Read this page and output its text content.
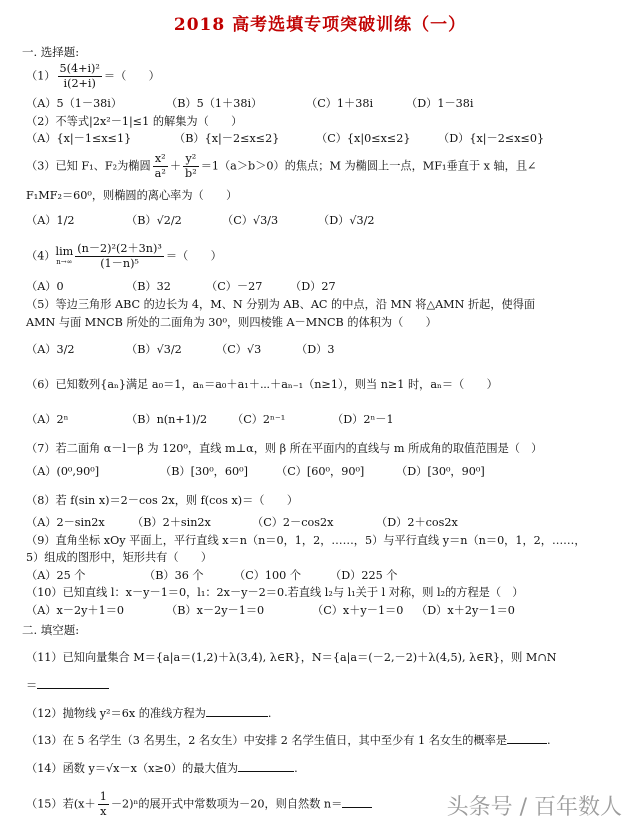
2018 高考选填专项突破训练（一）
一. 选择题:
$(1) \frac{\text{5(4+i)²}}{i(2+i)}$ ＝（　　）
（A）5（1－38i）	（B）5（1＋38i）	（C）1＋38i	（D）1－38i
（2）不等式|2x²－1|≤1 的解集为（　　）
（A）{x|－1≤x≤1}	（B）{x|－2≤x≤2}	（C）{x|0≤x≤2} （D）{x|－2≤x≤0}
（3）已知 F₁、F₂为椭圆 $\frac{\text{x²}}{\text{a²}} + \frac{\text{y²}}{\text{b²}} =1(a>b>0)$的焦点；M 为椭圆上一点，MF₁垂直于 x 轴，且∠
F₁MF₂＝60⁰，则椭圆的离心率为（　　）
（A）1/2	（B）√2/2	（C）√3/3	（D）√3/2
（4）lim
$n\to\infty \frac{\text{(n－2)²(2＋3n)³}}{\text{(1－n)⁵}}$ ＝（　　）
（A）0	（B）32	（C）－27 （D）27
（5）等边三角形 ABC 的边长为 4，M、N 分别为 AB、AC 的中点，沿 MN 将△AMN 折起，使得面
AMN 与面 MNCB 所处的二面角为 30⁰，则四棱锥 A－MNCB 的体积为（　　）
（A）3/2	（B）√3/2	（C）√3	（D）3
（6）已知数列{aₙ}满足 a₀＝1，aₙ＝a₀＋a₁＋⋯＋aₙ₋₁（n≥1），则当 n≥1 时，aₙ＝（　　）
（A）2ⁿ	（B）n(n+1)/2 （C）2ⁿ⁻¹	（D）2ⁿ－1
（7）若二面角 α－l－β 为 120⁰，直线 m⊥α，则 β 所在平面内的直线与 m 所成角的取值范围是（　）
（A）(0⁰,90⁰]	（B）[30⁰，60⁰]	（C）[60⁰，90⁰]	（D）[30⁰，90⁰]
（8）若 f(sin x)＝2－cos 2x，则 f(cos x)＝（　　）
（A）2－sin2x （B）2＋sin2x	（C）2－cos2x	（D）2＋cos2x
（9）直角坐标 xOy 平面上，平行直线 x＝n（n＝0，1，2，……，5）与平行直线 y＝n（n＝0，1，2，……，
5）组成的图形中，矩形共有（　　）
（A）25 个	（B）36 个	（C）100 个	（D）225 个
（10）已知直线 l：x－y－1＝0，l₁：2x－y－2＝0.若直线 l₂与 l₁关于 l 对称，则 l₂的方程是（　）
（A）x－2y＋1＝0	（B）x－2y－1＝0	（C）x＋y－1＝0 （D）x＋2y－1＝0
二. 填空题:
（11）已知向量集合 M＝{a|a＝(1,2)＋λ(3,4), λ∈R}，N＝{a|a＝(－2,－2)＋λ(4,5), λ∈R}，则 M∩N
＝
（12）抛物线 y²＝6x 的准线方程为	.
（13）在 5 名学生（3 名男生，2 名女生）中安排 2 名学生值日，其中至少有 1 名女生的概率是	.
（14）函数 y＝√x－x（x≥0）的最大值为	.
（15）若$(x+ \frac{1}{x} -2)^n$的展开式中常数项为－20，则自然数 n＝	头条号 / 百年数人
